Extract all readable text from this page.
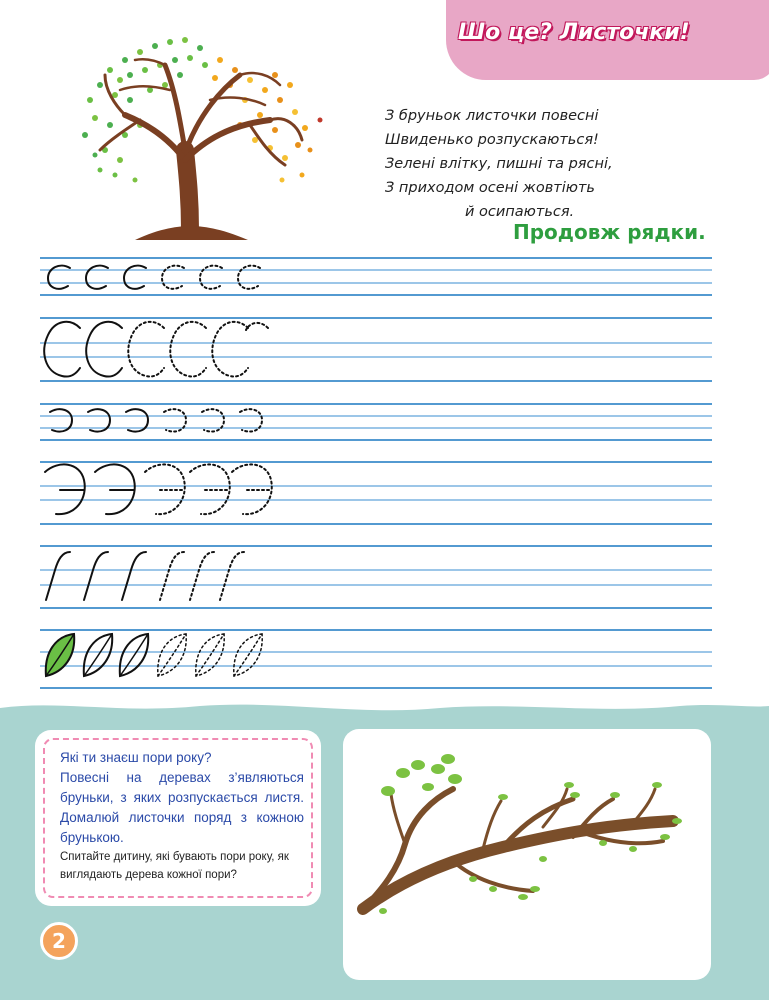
Шо це? Листочки!
З бруньок листочки повесні
Швиденько розпускаються!
Зелені влітку, пишні та рясні,
З приходом осені жовтіють
й осипаються.
Продовж рядки.
Які ти знаєш пори року?
Повесні на деревах з’являються бруньки, з яких розпускається листя. Домалюй листочки поряд з кожною брунькою.
Спитайте дитину, які бувають пори року, як виглядають дерева кожної пори?
2
